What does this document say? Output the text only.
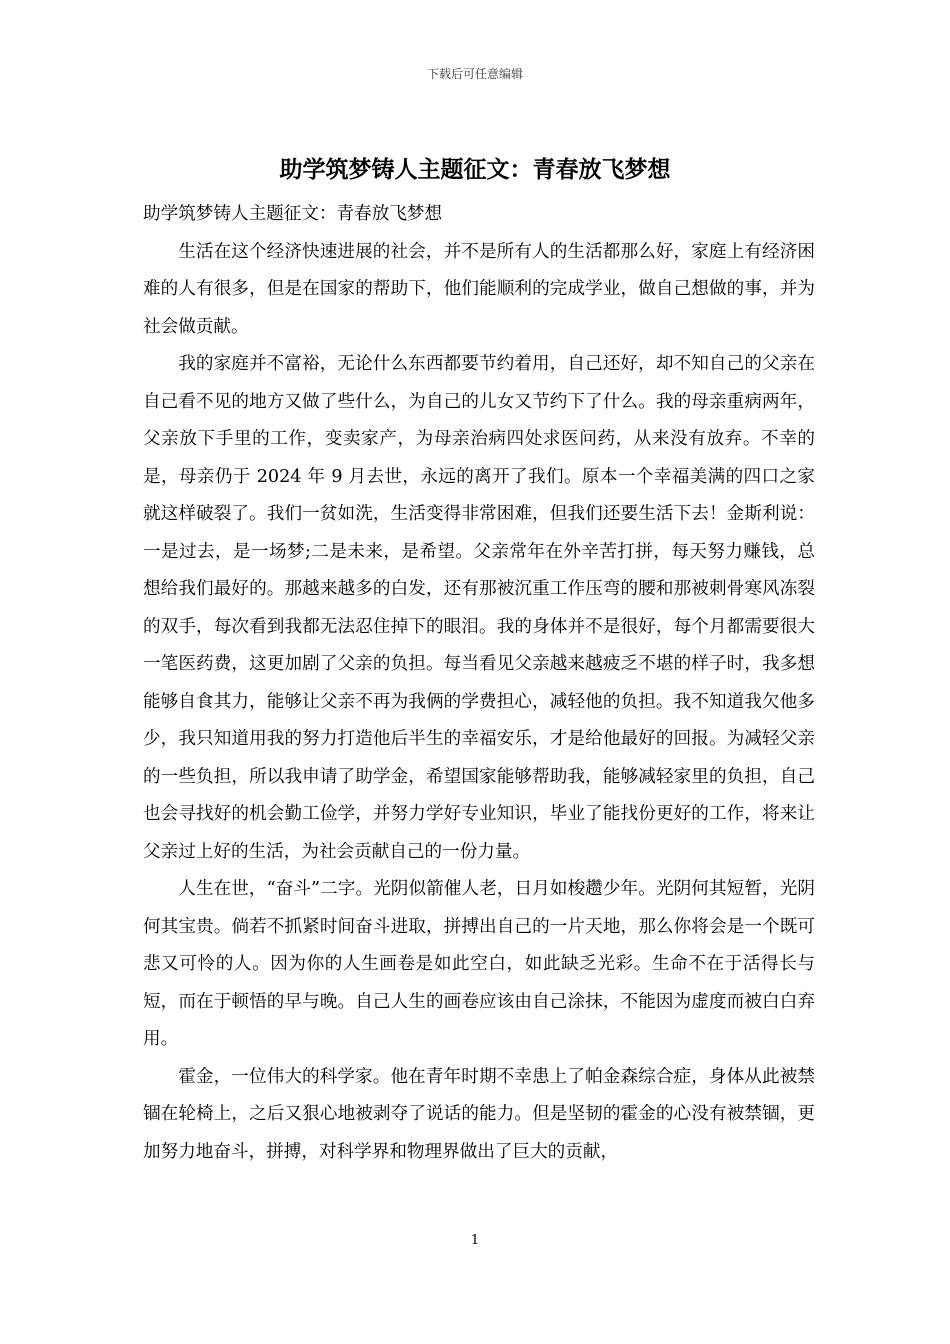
下载后可任意编辑
助学筑梦铸人主题征文：青春放飞梦想

助学筑梦铸人主题征文：青春放飞梦想

生活在这个经济快速进展的社会，并不是所有人的生活都那么好，家庭上有经济困难的人有很多，但是在国家的帮助下，他们能顺利的完成学业，做自己想做的事，并为社会做贡献。

我的家庭并不富裕，无论什么东西都要节约着用，自己还好，却不知自己的父亲在自己看不见的地方又做了些什么，为自己的儿女又节约下了什么。我的母亲重病两年，父亲放下手里的工作，变卖家产，为母亲治病四处求医问药，从来没有放弃。不幸的是，母亲仍于 2024 年 9 月去世，永远的离开了我们。原本一个幸福美满的四口之家就这样破裂了。我们一贫如洗，生活变得非常困难，但我们还要生活下去！金斯利说：一是过去，是一场梦;二是未来，是希望。父亲常年在外辛苦打拼，每天努力赚钱，总想给我们最好的。那越来越多的白发，还有那被沉重工作压弯的腰和那被刺骨寒风冻裂的双手，每次看到我都无法忍住掉下的眼泪。我的身体并不是很好，每个月都需要很大一笔医药费，这更加剧了父亲的负担。每当看见父亲越来越疲乏不堪的样子时，我多想能够自食其力，能够让父亲不再为我俩的学费担心，减轻他的负担。我不知道我欠他多少，我只知道用我的努力打造他后半生的幸福安乐，才是给他最好的回报。为减轻父亲的一些负担，所以我申请了助学金，希望国家能够帮助我，能够减轻家里的负担，自己也会寻找好的机会勤工俭学，并努力学好专业知识，毕业了能找份更好的工作，将来让父亲过上好的生活，为社会贡献自己的一份力量。

人生在世，“奋斗”二字。光阴似箭催人老，日月如梭趱少年。光阴何其短暂，光阴何其宝贵。倘若不抓紧时间奋斗进取，拼搏出自己的一片天地，那么你将会是一个既可悲又可怜的人。因为你的人生画卷是如此空白，如此缺乏光彩。生命不在于活得长与短，而在于顿悟的早与晚。自己人生的画卷应该由自己涂抹，不能因为虚度而被白白弃用。

霍金，一位伟大的科学家。他在青年时期不幸患上了帕金森综合症，身体从此被禁锢在轮椅上，之后又狠心地被剥夺了说话的能力。但是坚韧的霍金的心没有被禁锢，更加努力地奋斗，拼搏，对科学界和物理界做出了巨大的贡献，

1
